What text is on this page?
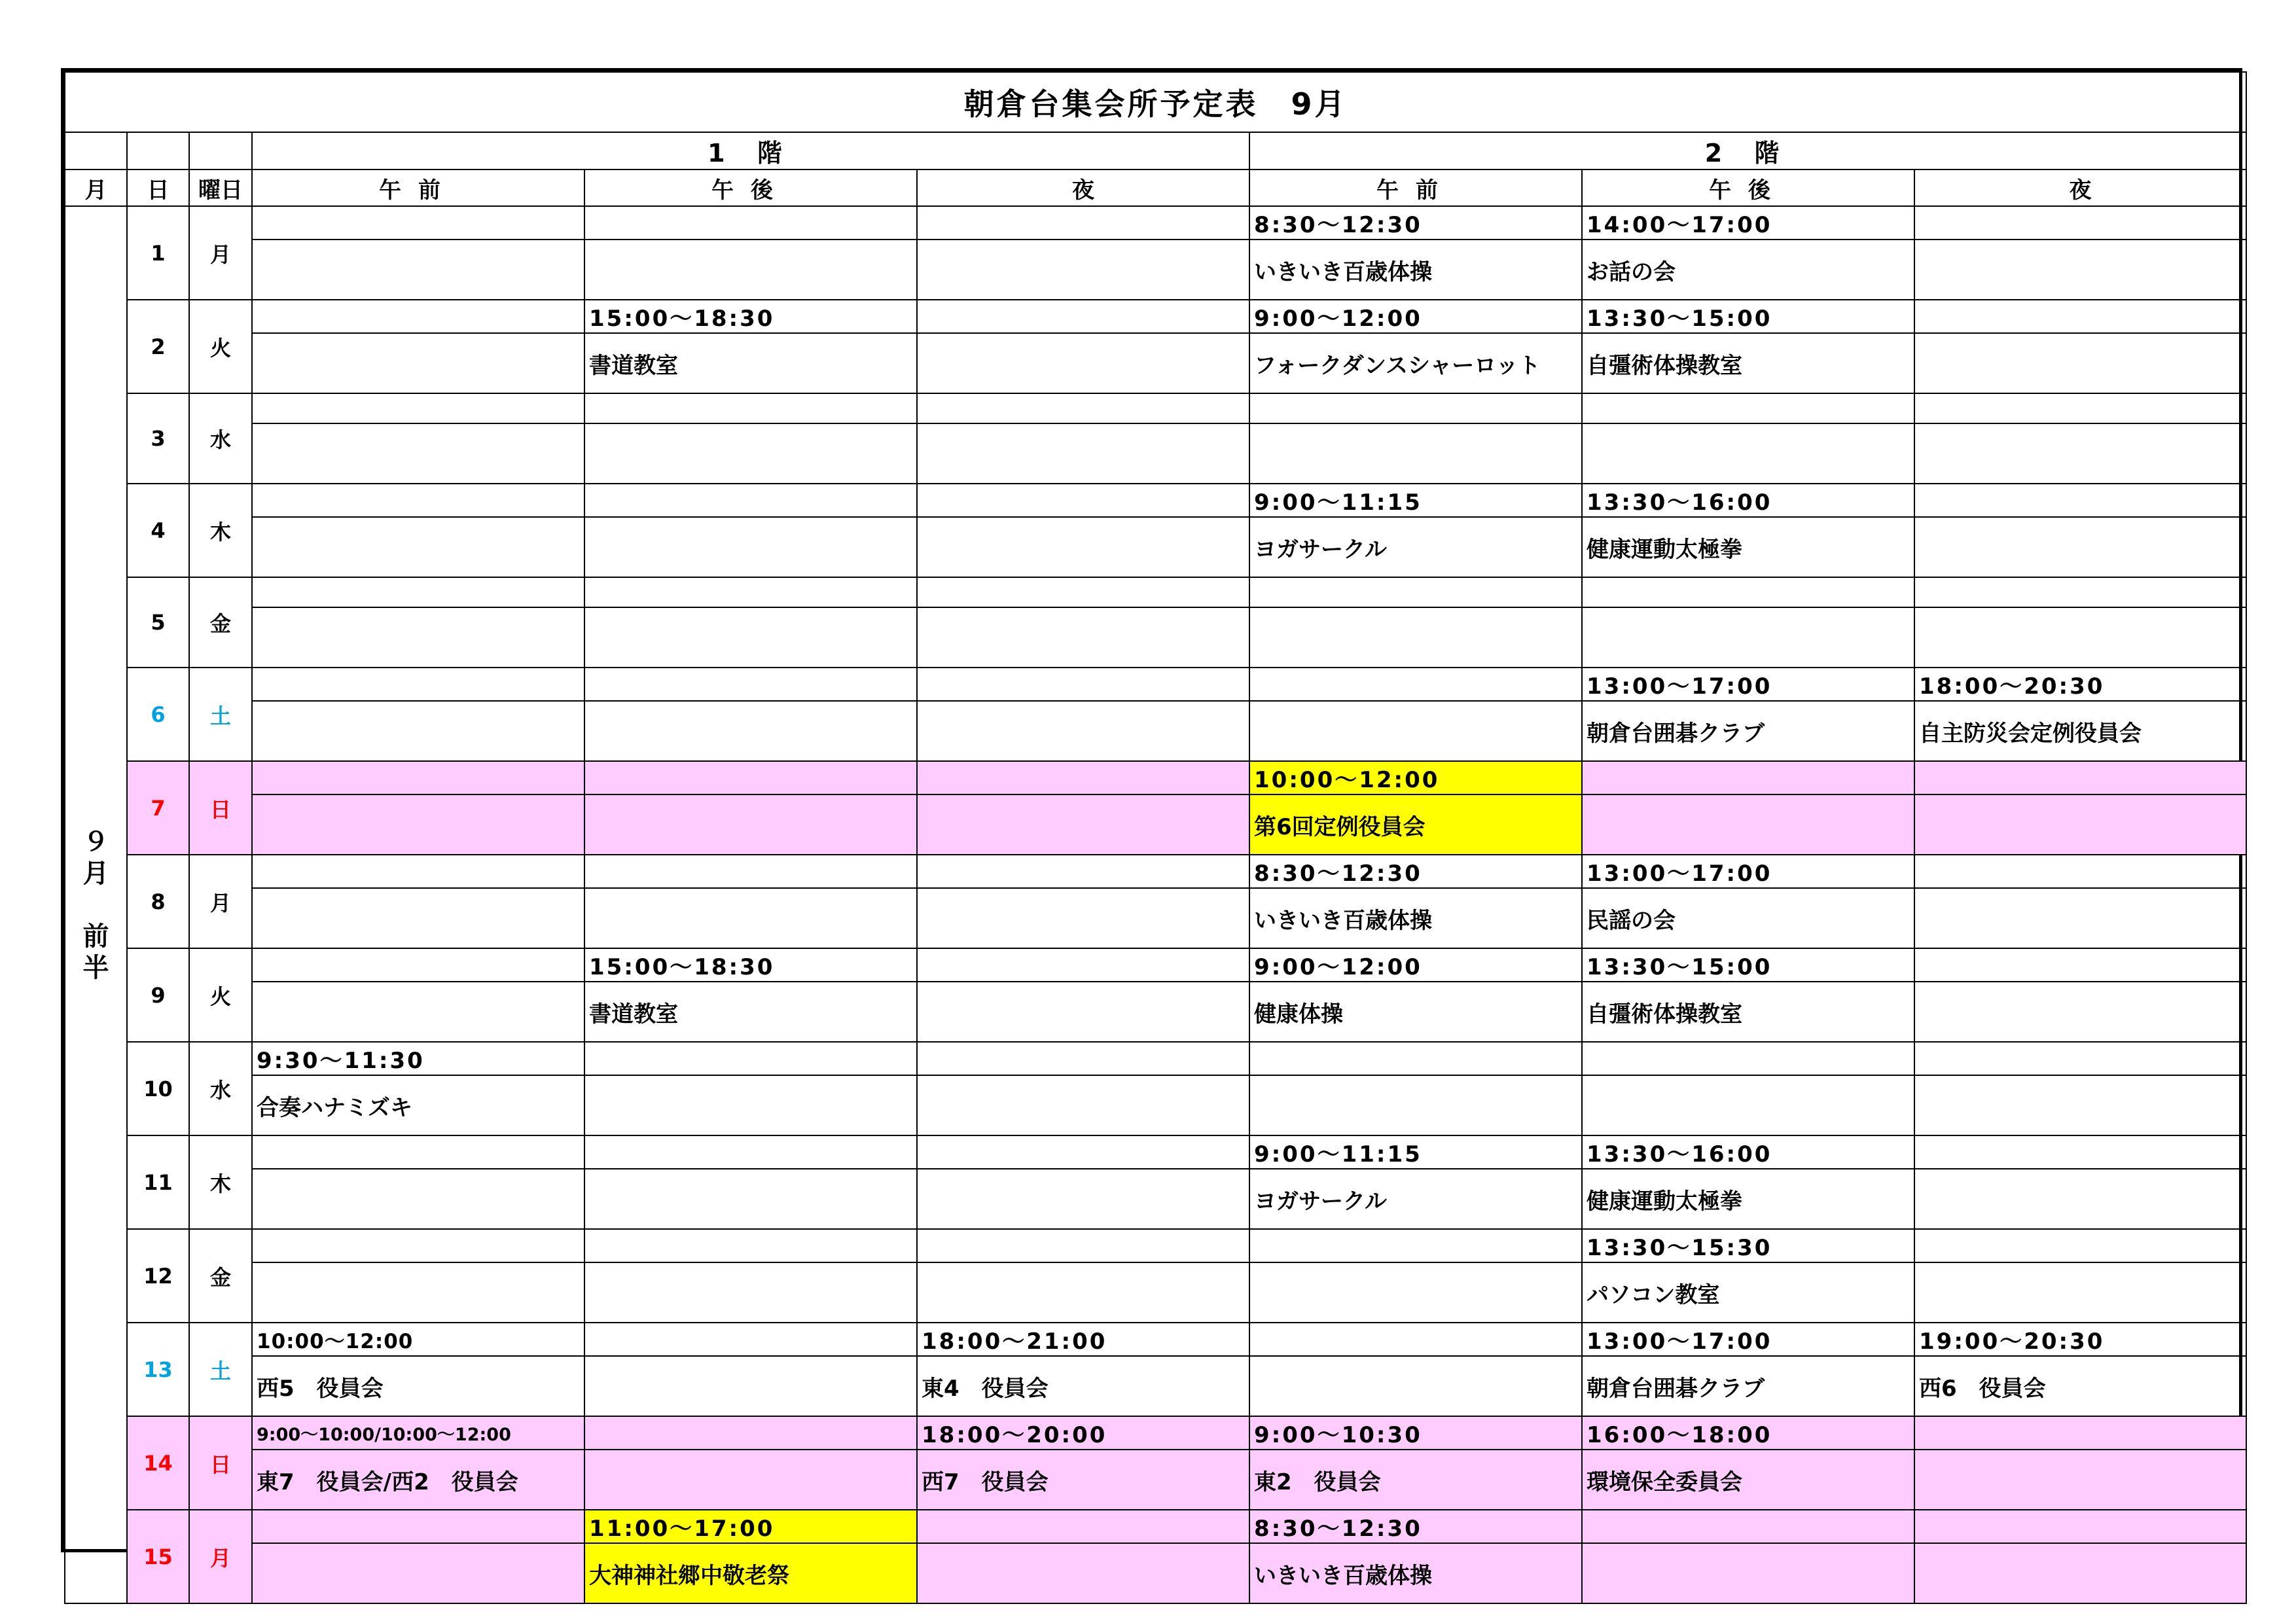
朝倉台集会所予定表　9月								
			1 階			2 階		
月	日	曜日	午前	午後	夜	午前	午後	夜
９
月

前
半	1	月				8:30～12:30	14:00～17:00	
						いきいき百歳体操	お話の会	
	2	火		15:00～18:30		9:00～12:00	13:30～15:00	
				書道教室		フォークダンスシャーロット	自彊術体操教室	
	3	水						

	4	木				9:00～11:15	13:30～16:00	
						ヨガサークル	健康運動太極拳	
	5	金						

	6	土					13:00～17:00	18:00～20:30
							朝倉台囲碁クラブ	自主防災会定例役員会
	7	日				10:00～12:00		
						第6回定例役員会		
	8	月				8:30～12:30	13:00～17:00	
						いきいき百歳体操	民謡の会	
	9	火		15:00～18:30		9:00～12:00	13:30～15:00	
				書道教室		健康体操	自彊術体操教室	
	10	水	9:30～11:30					
			合奏ハナミズキ					
	11	木				9:00～11:15	13:30～16:00	
						ヨガサークル	健康運動太極拳	
	12	金					13:30～15:30	
							パソコン教室	
	13	土	10:00～12:00		18:00～21:00		13:00～17:00	19:00～20:30
			西5　役員会		東4　役員会		朝倉台囲碁クラブ	西6　役員会
	14	日	9:00～10:00/10:00～12:00		18:00～20:00	9:00～10:30	16:00～18:00	
			東7　役員会/西2　役員会		西7　役員会	東2　役員会	環境保全委員会	
	15	月		11:00～17:00		8:30～12:30		
				大神神社郷中敬老祭		いきいき百歳体操		
